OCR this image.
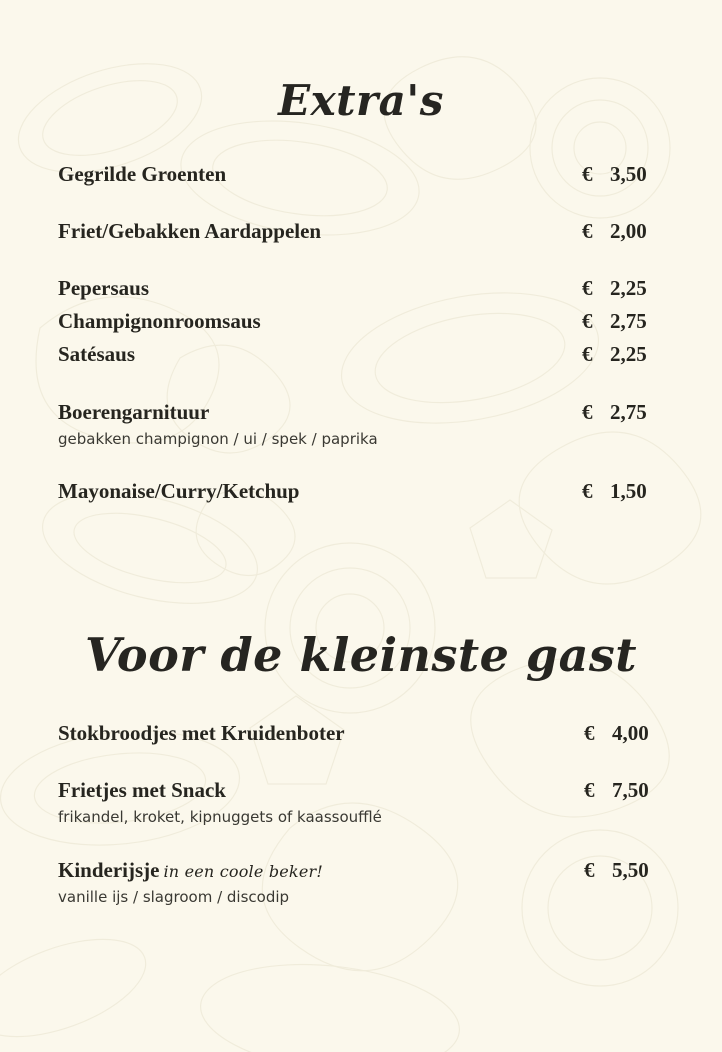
Extra's
Gegrilde Groenten	€ 3,50
Friet/Gebakken Aardappelen	€ 2,00
Pepersaus	€ 2,25
Champignonroomsaus	€ 2,75
Satésaus	€ 2,25
Boerengarnituur	€ 2,75
gebakken champignon / ui / spek / paprika
Mayonaise/Curry/Ketchup	€ 1,50
Voor de kleinste gast
Stokbroodjes met Kruidenboter	€ 4,00
Frietjes met Snack	€ 7,50
frikandel, kroket, kipnuggets of kaassoufflé
Kinderijsje in een coole beker!	€ 5,50
vanille ijs / slagroom / discodip
